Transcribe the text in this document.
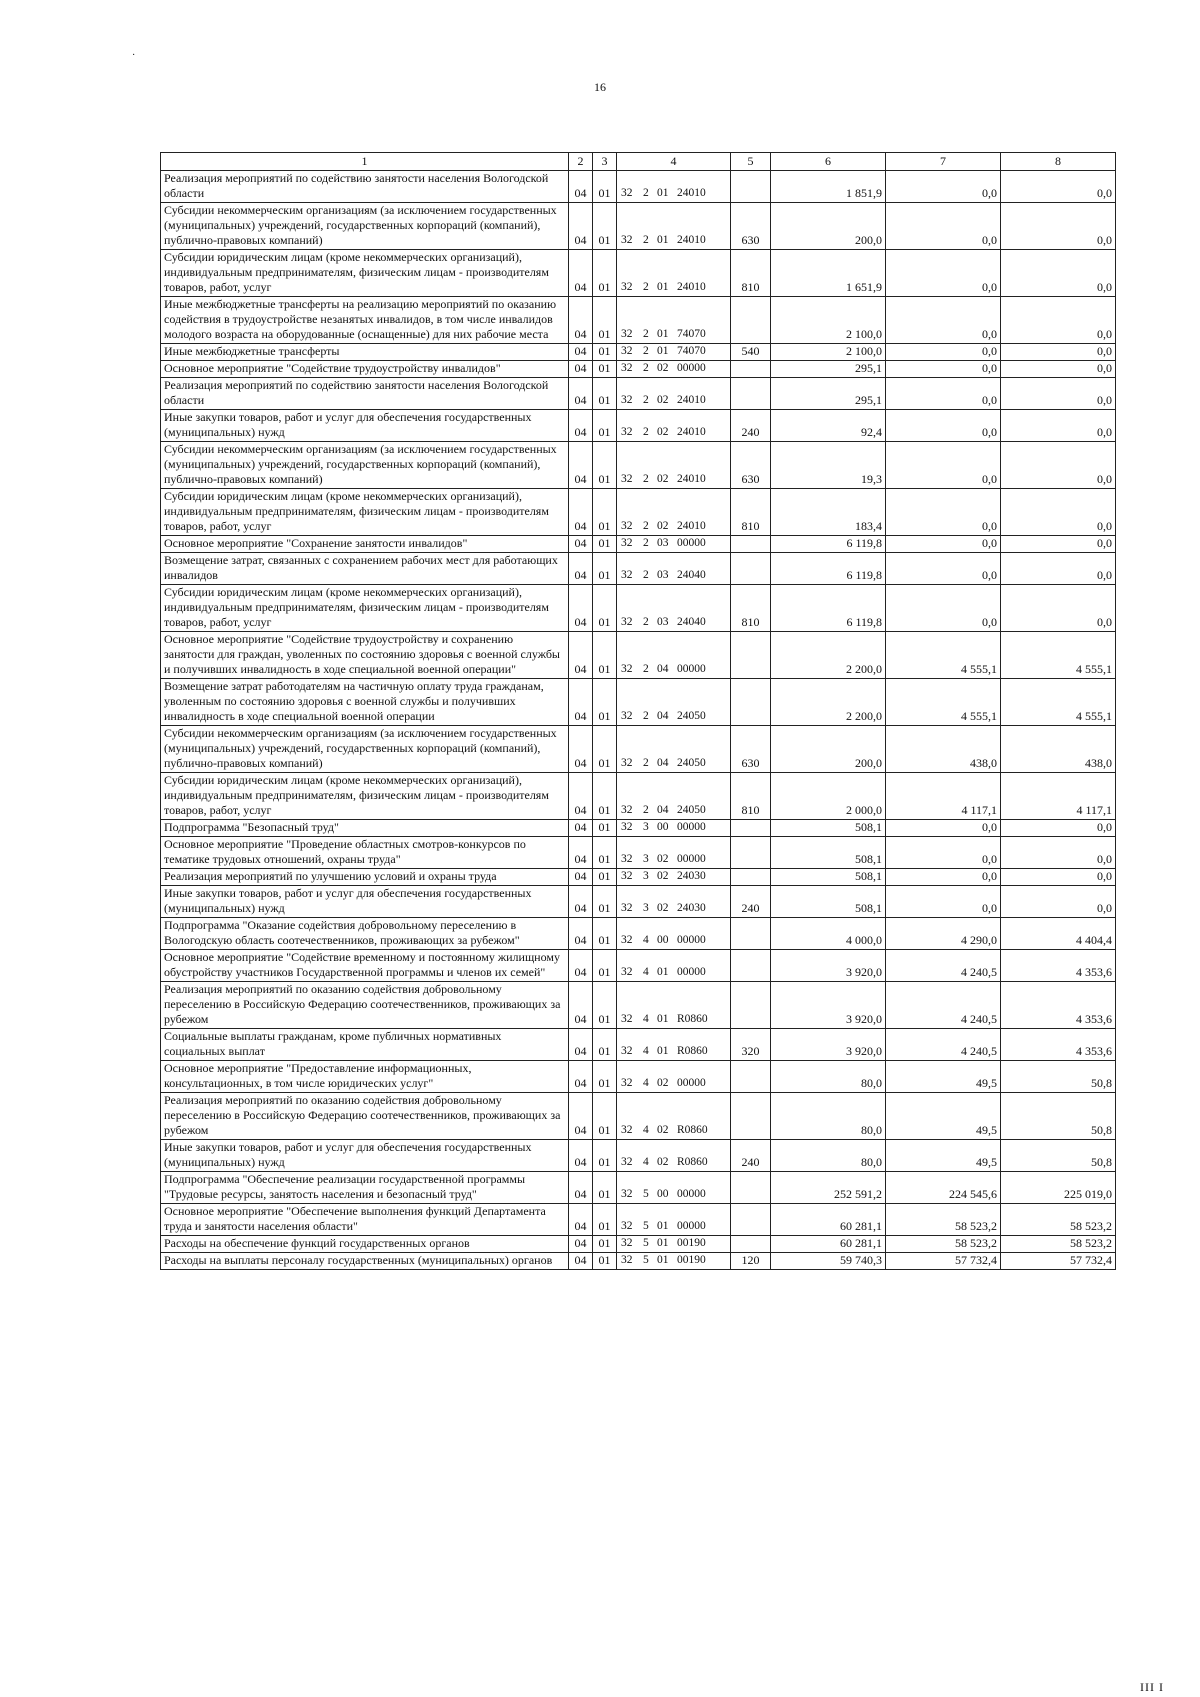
·
16
1	2	3	4	5	6	7	8
Реализация мероприятий по содействию занятости населения Вологодской области	04	01	32 2 01 24010		1 851,9	0,0	0,0
Субсидии некоммерческим организациям (за исключением государственных (муниципальных) учреждений, государственных корпораций (компаний), публично-правовых компаний)	04	01	32 2 01 24010	630	200,0	0,0	0,0
Субсидии юридическим лицам (кроме некоммерческих организаций), индивидуальным предпринимателям, физическим лицам - производителям товаров, работ, услуг	04	01	32 2 01 24010	810	1 651,9	0,0	0,0
Иные межбюджетные трансферты на реализацию мероприятий по оказанию содействия в трудоустройстве незанятых инвалидов, в том числе инвалидов молодого возраста на оборудованные (оснащенные) для них рабочие места	04	01	32 2 01 74070		2 100,0	0,0	0,0
Иные межбюджетные трансферты	04	01	32 2 01 74070	540	2 100,0	0,0	0,0
Основное мероприятие "Содействие трудоустройству инвалидов"	04	01	32 2 02 00000		295,1	0,0	0,0
Реализация мероприятий по содействию занятости населения Вологодской области	04	01	32 2 02 24010		295,1	0,0	0,0
Иные закупки товаров, работ и услуг для обеспечения государственных (муниципальных) нужд	04	01	32 2 02 24010	240	92,4	0,0	0,0
Субсидии некоммерческим организациям (за исключением государственных (муниципальных) учреждений, государственных корпораций (компаний), публично-правовых компаний)	04	01	32 2 02 24010	630	19,3	0,0	0,0
Субсидии юридическим лицам (кроме некоммерческих организаций), индивидуальным предпринимателям, физическим лицам - производителям товаров, работ, услуг	04	01	32 2 02 24010	810	183,4	0,0	0,0
Основное мероприятие "Сохранение занятости инвалидов"	04	01	32 2 03 00000		6 119,8	0,0	0,0
Возмещение затрат, связанных с сохранением рабочих мест для работающих инвалидов	04	01	32 2 03 24040		6 119,8	0,0	0,0
Субсидии юридическим лицам (кроме некоммерческих организаций), индивидуальным предпринимателям, физическим лицам - производителям товаров, работ, услуг	04	01	32 2 03 24040	810	6 119,8	0,0	0,0
Основное мероприятие "Содействие трудоустройству и сохранению занятости для граждан, уволенных по состоянию здоровья с военной службы и получивших инвалидность в ходе специальной военной операции"	04	01	32 2 04 00000		2 200,0	4 555,1	4 555,1
Возмещение затрат работодателям на частичную оплату труда гражданам, уволенным по состоянию здоровья с военной службы и получивших инвалидность в ходе специальной военной операции	04	01	32 2 04 24050		2 200,0	4 555,1	4 555,1
Субсидии некоммерческим организациям (за исключением государственных (муниципальных) учреждений, государственных корпораций (компаний), публично-правовых компаний)	04	01	32 2 04 24050	630	200,0	438,0	438,0
Субсидии юридическим лицам (кроме некоммерческих организаций), индивидуальным предпринимателям, физическим лицам - производителям товаров, работ, услуг	04	01	32 2 04 24050	810	2 000,0	4 117,1	4 117,1
Подпрограмма "Безопасный труд"	04	01	32 3 00 00000		508,1	0,0	0,0
Основное мероприятие "Проведение областных смотров-конкурсов по тематике трудовых отношений, охраны труда"	04	01	32 3 02 00000		508,1	0,0	0,0
Реализация мероприятий по улучшению условий и охраны труда	04	01	32 3 02 24030		508,1	0,0	0,0
Иные закупки товаров, работ и услуг для обеспечения государственных (муниципальных) нужд	04	01	32 3 02 24030	240	508,1	0,0	0,0
Подпрограмма "Оказание содействия добровольному переселению в Вологодскую область соотечественников, проживающих за рубежом"	04	01	32 4 00 00000		4 000,0	4 290,0	4 404,4
Основное мероприятие "Содействие временному и постоянному жилищному обустройству участников Государственной программы и членов их семей"	04	01	32 4 01 00000		3 920,0	4 240,5	4 353,6
Реализация мероприятий по оказанию содействия добровольному переселению в Российскую Федерацию соотечественников, проживающих за рубежом	04	01	32 4 01 R0860		3 920,0	4 240,5	4 353,6
Социальные выплаты гражданам, кроме публичных нормативных социальных выплат	04	01	32 4 01 R0860	320	3 920,0	4 240,5	4 353,6
Основное мероприятие "Предоставление информационных, консультационных, в том числе юридических услуг"	04	01	32 4 02 00000		80,0	49,5	50,8
Реализация мероприятий по оказанию содействия добровольному переселению в Российскую Федерацию соотечественников, проживающих за рубежом	04	01	32 4 02 R0860		80,0	49,5	50,8
Иные закупки товаров, работ и услуг для обеспечения государственных (муниципальных) нужд	04	01	32 4 02 R0860	240	80,0	49,5	50,8
Подпрограмма "Обеспечение реализации государственной программы "Трудовые ресурсы, занятость населения и безопасный труд"	04	01	32 5 00 00000		252 591,2	224 545,6	225 019,0
Основное мероприятие "Обеспечение выполнения функций Департамента труда и занятости населения области"	04	01	32 5 01 00000		60 281,1	58 523,2	58 523,2
Расходы на обеспечение функций государственных органов	04	01	32 5 01 00190		60 281,1	58 523,2	58 523,2
Расходы на выплаты персоналу государственных (муниципальных) органов	04	01	32 5 01 00190	120	59 740,3	57 732,4	57 732,4
ΙΙΙ Ι
